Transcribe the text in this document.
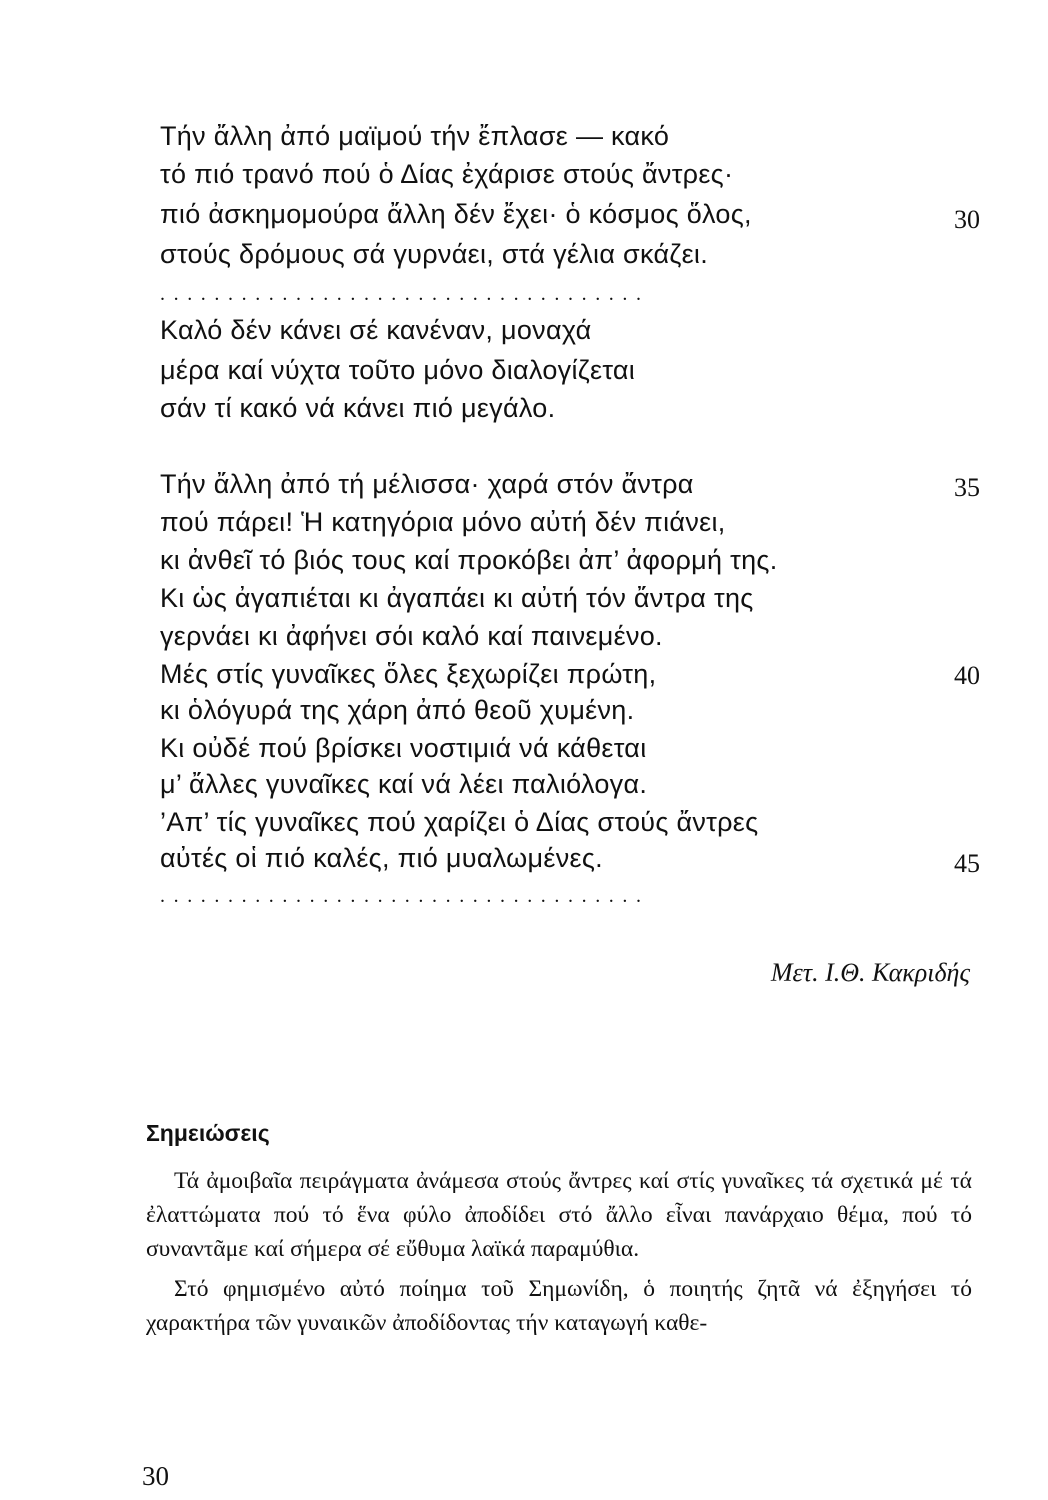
Τήν ἄλλη ἀπό μαϊμού τήν ἔπλασε — κακό
τό πιό τρανό πού ὁ Δίας ἐχάρισε στούς ἄντρες·
πιό ἀσκημομούρα ἄλλη δέν ἔχει· ὁ κόσμος ὅλος,	30
στούς δρόμους σά γυρνάει, στά γέλια σκάζει.
....................................
Καλό δέν κάνει σέ κανέναν, μοναχά
μέρα καί νύχτα τοῦτο μόνο διαλογίζεται
σάν τί κακό νά κάνει πιό μεγάλο.
Τήν ἄλλη ἀπό τή μέλισσα· χαρά στόν ἄντρα	35
πού πάρει! Ἡ κατηγόρια μόνο αὐτή δέν πιάνει,
κι ἀνθεῖ τό βιός τους καί προκόβει ἀπ’ ἀφορμή της.
Κι ὡς ἀγαπιέται κι ἀγαπάει κι αὐτή τόν ἄντρα της
γερνάει κι ἀφήνει σόι καλό καί παινεμένο.
Μές στίς γυναῖκες ὅλες ξεχωρίζει πρώτη,	40
κι ὁλόγυρά της χάρη ἀπό θεοῦ χυμένη.
Κι οὐδέ πού βρίσκει νοστιμιά νά κάθεται
μ’ ἄλλες γυναῖκες καί νά λέει παλιόλογα.
’Απ’ τίς γυναῖκες πού χαρίζει ὁ Δίας στούς ἄντρες
αὐτές οἱ πιό καλές, πιό μυαλωμένες.	45
....................................
Μετ. Ι.Θ. Κακριδής
Σημειώσεις

Τά ἀμοιβαῖα πειράγματα ἀνάμεσα στούς ἄντρες καί στίς γυναῖκες τά σχετικά μέ τά ἐλαττώματα πού τό ἕνα φύλο ἀποδίδει στό ἄλλο εἶναι πανάρχαιο θέμα, πού τό συναντᾶμε καί σήμερα σέ εὔθυμα λαϊκά παραμύθια.

Στό φημισμένο αὐτό ποίημα τοῦ Σημωνίδη, ὁ ποιητής ζητᾶ νά ἐξηγήσει τό χαρακτήρα τῶν γυναικῶν ἀποδίδοντας τήν καταγωγή καθε-

30
